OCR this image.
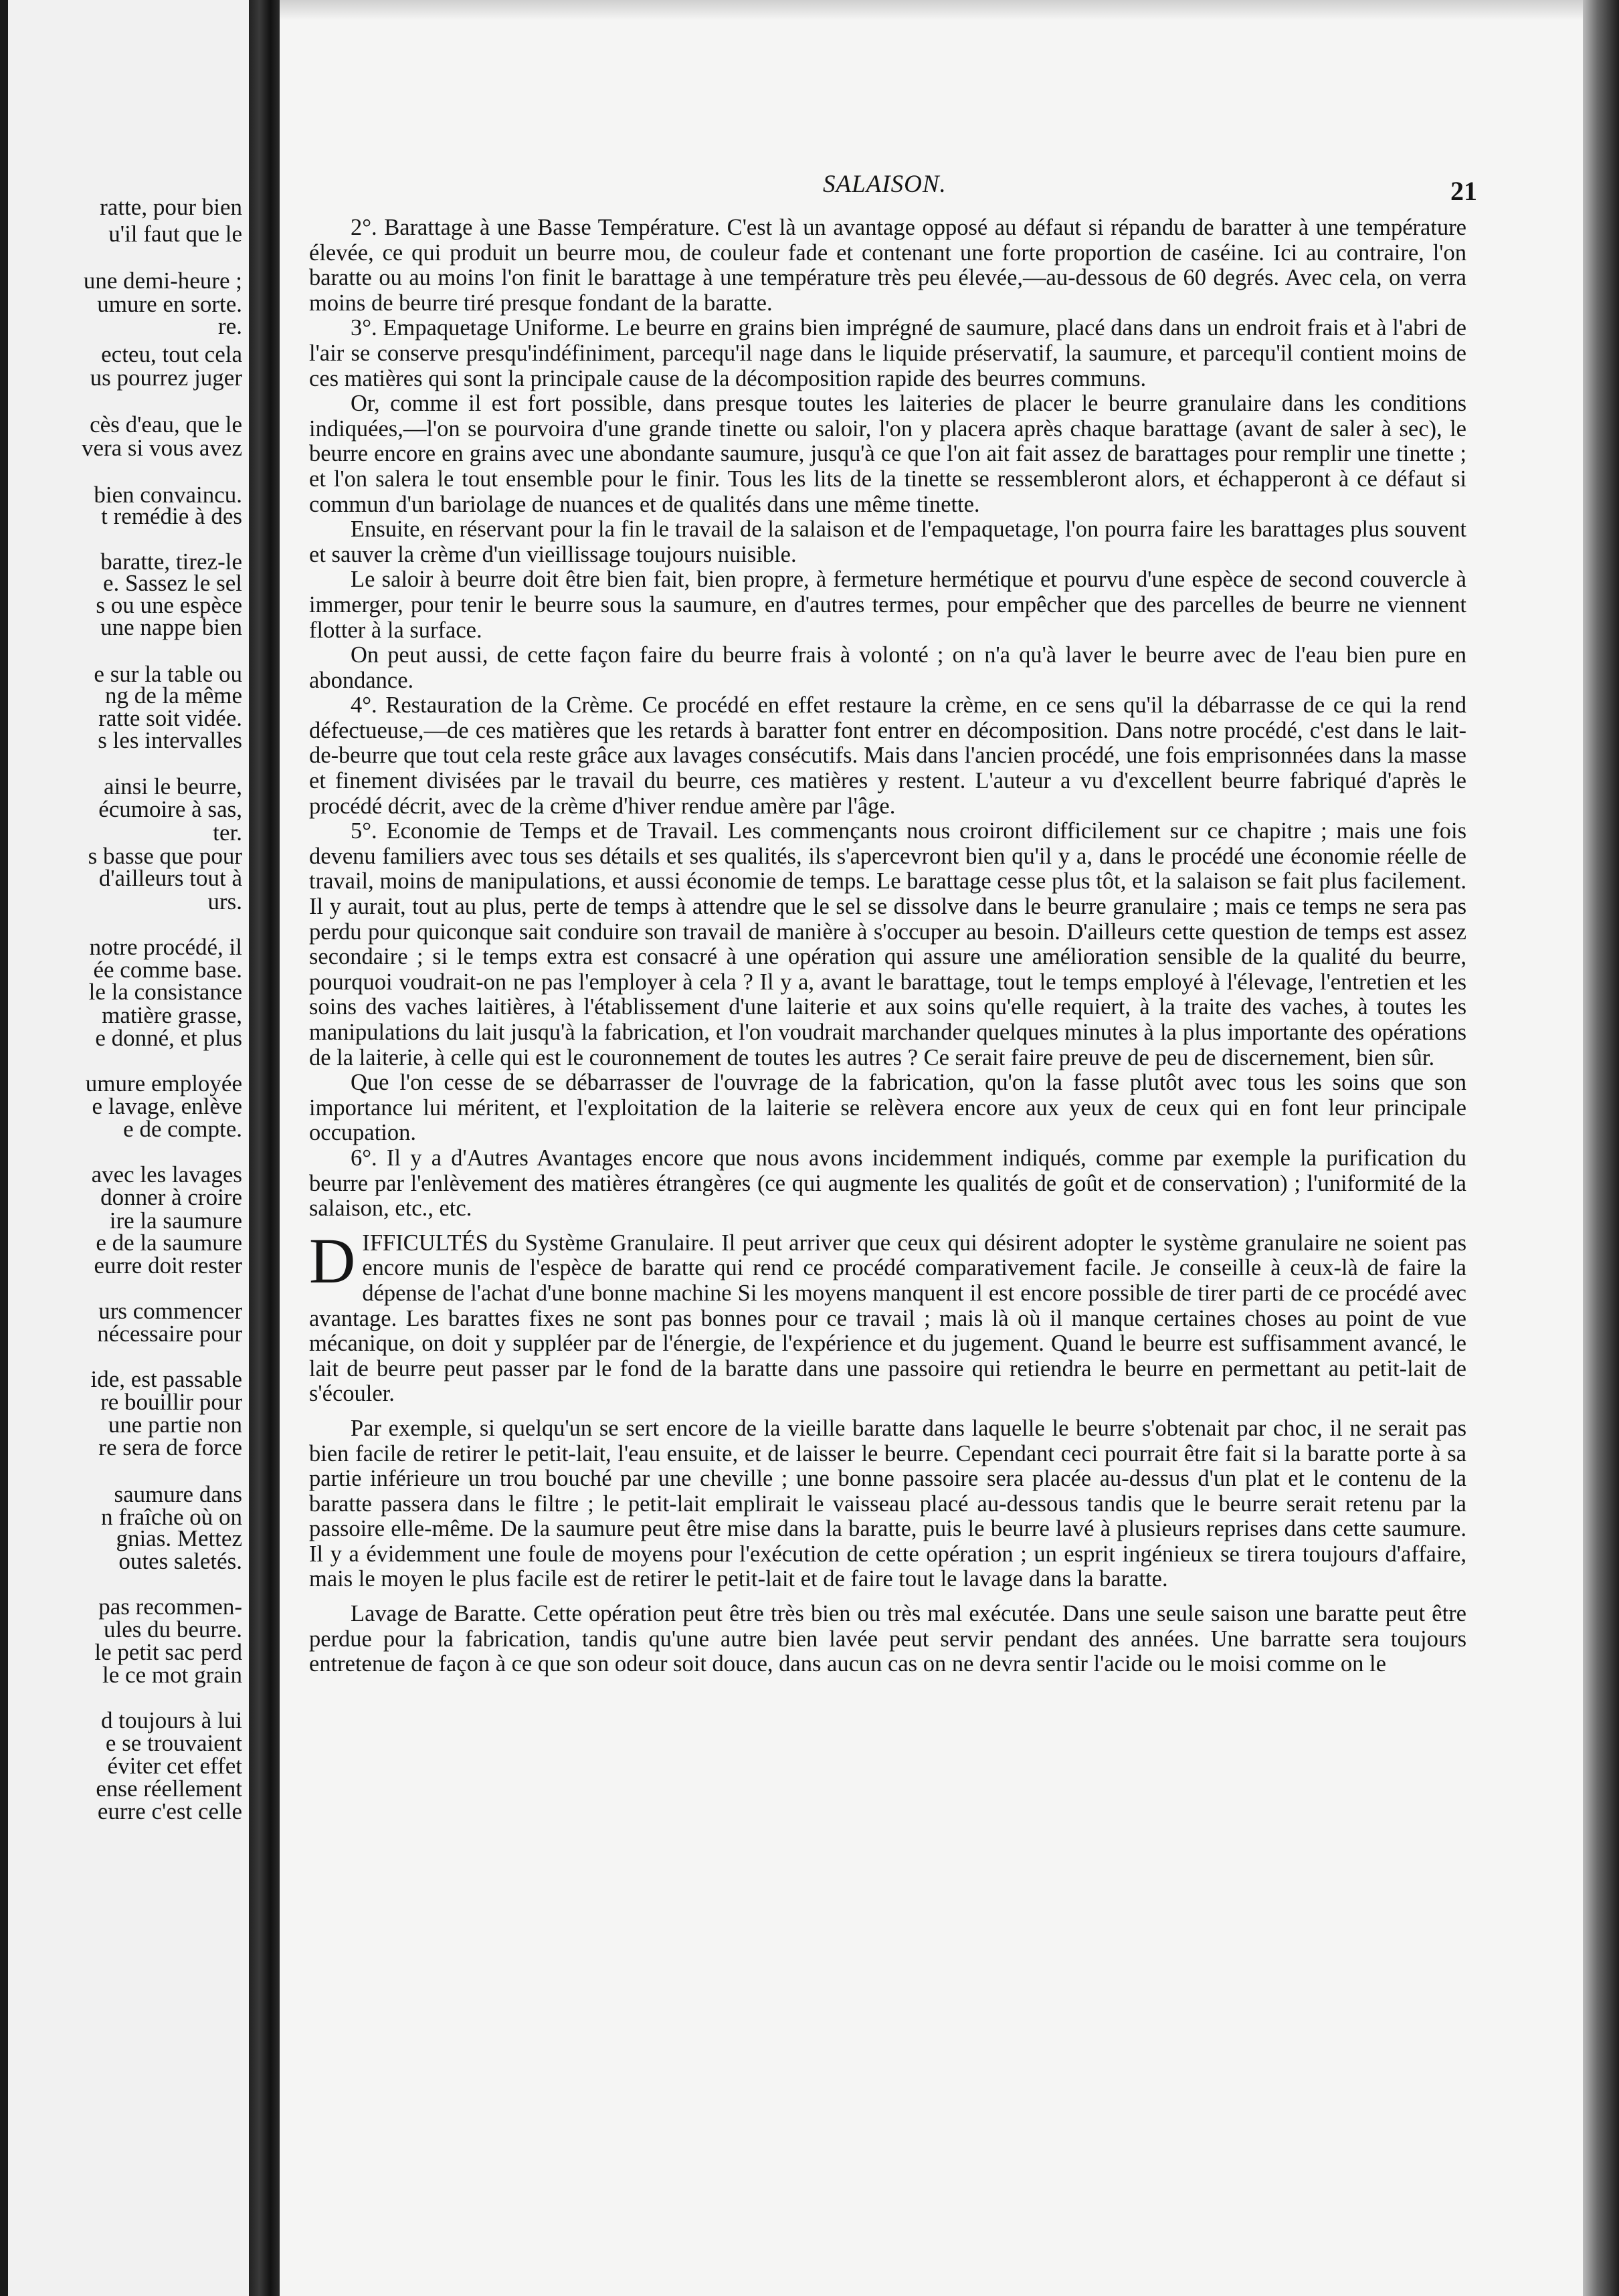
ratte, pour bien
u'il faut que le
une demi-heure ;
umure en sorte.
re.
ecteu, tout cela
us pourrez juger
cès d'eau, que le
vera si vous avez
bien convaincu.
t remédie à des
baratte, tirez-le
e. Sassez le sel
s ou une espèce
une nappe bien
e sur la table ou
ng de la même
ratte soit vidée.
s les intervalles
ainsi le beurre,
écumoire à sas,
ter.
s basse que pour
d'ailleurs tout à
urs.
notre procédé, il
ée comme base.
le la consistance
matière grasse,
e donné, et plus
umure employée
e lavage, enlève
e de compte.
avec les lavages
donner à croire
ire la saumure
e de la saumure
eurre doit rester
urs commencer
nécessaire pour
ide, est passable
re bouillir pour
une partie non
re sera de force
saumure dans
n fraîche où on
gnias. Mettez
outes saletés.
pas recommen-
ules du beurre.
le petit sac perd
le ce mot grain
d toujours à lui
e se trouvaient
éviter cet effet
ense réellement
eurre c'est celle
SALAISON.	21

2°. Barattage à une Basse Température. C'est là un avantage opposé au défaut si répandu de baratter à une température élevée, ce qui produit un beurre mou, de couleur fade et contenant une forte proportion de caséine. Ici au contraire, l'on baratte ou au moins l'on finit le barattage à une température très peu élevée,—au-dessous de 60 degrés. Avec cela, on verra moins de beurre tiré presque fondant de la baratte.

3°. Empaquetage Uniforme. Le beurre en grains bien imprégné de saumure, placé dans dans un endroit frais et à l'abri de l'air se conserve presqu'indéfiniment, parcequ'il nage dans le liquide préservatif, la saumure, et parcequ'il contient moins de ces matières qui sont la principale cause de la décomposition rapide des beurres communs.

Or, comme il est fort possible, dans presque toutes les laiteries de placer le beurre granulaire dans les conditions indiquées,—l'on se pourvoira d'une grande tinette ou saloir, l'on y placera après chaque barattage (avant de saler à sec), le beurre encore en grains avec une abondante saumure, jusqu'à ce que l'on ait fait assez de barattages pour remplir une tinette ; et l'on salera le tout ensemble pour le finir. Tous les lits de la tinette se ressembleront alors, et échapperont à ce défaut si commun d'un bariolage de nuances et de qualités dans une même tinette.

Ensuite, en réservant pour la fin le travail de la salaison et de l'empaquetage, l'on pourra faire les barattages plus souvent et sauver la crème d'un vieillissage toujours nuisible.

Le saloir à beurre doit être bien fait, bien propre, à fermeture hermétique et pourvu d'une espèce de second couvercle à immerger, pour tenir le beurre sous la saumure, en d'autres termes, pour empêcher que des parcelles de beurre ne viennent flotter à la surface.

On peut aussi, de cette façon faire du beurre frais à volonté ; on n'a qu'à laver le beurre avec de l'eau bien pure en abondance.

4°. Restauration de la Crème. Ce procédé en effet restaure la crème, en ce sens qu'il la débarrasse de ce qui la rend défectueuse,—de ces matières que les retards à baratter font entrer en décomposition. Dans notre procédé, c'est dans le lait-de-beurre que tout cela reste grâce aux lavages consécutifs. Mais dans l'ancien procédé, une fois emprisonnées dans la masse et finement divisées par le travail du beurre, ces matières y restent. L'auteur a vu d'excellent beurre fabriqué d'après le procédé décrit, avec de la crème d'hiver rendue amère par l'âge.

5°. Economie de Temps et de Travail. Les commençants nous croiront difficilement sur ce chapitre ; mais une fois devenu familiers avec tous ses détails et ses qualités, ils s'apercevront bien qu'il y a, dans le procédé une économie réelle de travail, moins de manipulations, et aussi économie de temps. Le barattage cesse plus tôt, et la salaison se fait plus facilement. Il y aurait, tout au plus, perte de temps à attendre que le sel se dissolve dans le beurre granulaire ; mais ce temps ne sera pas perdu pour quiconque sait conduire son travail de manière à s'occuper au besoin. D'ailleurs cette question de temps est assez secondaire ; si le temps extra est consacré à une opération qui assure une amélioration sensible de la qualité du beurre, pourquoi voudrait-on ne pas l'employer à cela ? Il y a, avant le barattage, tout le temps employé à l'élevage, l'entretien et les soins des vaches laitières, à l'établissement d'une laiterie et aux soins qu'elle requiert, à la traite des vaches, à toutes les manipulations du lait jusqu'à la fabrication, et l'on voudrait marchander quelques minutes à la plus importante des opérations de la laiterie, à celle qui est le couronnement de toutes les autres ? Ce serait faire preuve de peu de discernement, bien sûr.

Que l'on cesse de se débarrasser de l'ouvrage de la fabrication, qu'on la fasse plutôt avec tous les soins que son importance lui méritent, et l'exploitation de la laiterie se relèvera encore aux yeux de ceux qui en font leur principale occupation.

6°. Il y a d'Autres Avantages encore que nous avons incidemment indiqués, comme par exemple la purification du beurre par l'enlèvement des matières étrangères (ce qui augmente les qualités de goût et de conservation) ; l'uniformité de la salaison, etc., etc.

DIFFICULTÉS du Système Granulaire. Il peut arriver que ceux qui désirent adopter le système granulaire ne soient pas encore munis de l'espèce de baratte qui rend ce procédé comparativement facile. Je conseille à ceux-là de faire la dépense de l'achat d'une bonne machine Si les moyens manquent il est encore possible de tirer parti de ce procédé avec avantage. Les barattes fixes ne sont pas bonnes pour ce travail ; mais là où il manque certaines choses au point de vue mécanique, on doit y suppléer par de l'énergie, de l'expérience et du jugement. Quand le beurre est suffisamment avancé, le lait de beurre peut passer par le fond de la baratte dans une passoire qui retiendra le beurre en permettant au petit-lait de s'écouler.

Par exemple, si quelqu'un se sert encore de la vieille baratte dans laquelle le beurre s'obtenait par choc, il ne serait pas bien facile de retirer le petit-lait, l'eau ensuite, et de laisser le beurre. Cependant ceci pourrait être fait si la baratte porte à sa partie inférieure un trou bouché par une cheville ; une bonne passoire sera placée au-dessus d'un plat et le contenu de la baratte passera dans le filtre ; le petit-lait emplirait le vaisseau placé au-dessous tandis que le beurre serait retenu par la passoire elle-même. De la saumure peut être mise dans la baratte, puis le beurre lavé à plusieurs reprises dans cette saumure. Il y a évidemment une foule de moyens pour l'exécution de cette opération ; un esprit ingénieux se tirera toujours d'affaire, mais le moyen le plus facile est de retirer le petit-lait et de faire tout le lavage dans la baratte.

Lavage de Baratte. Cette opération peut être très bien ou très mal exécutée. Dans une seule saison une baratte peut être perdue pour la fabrication, tandis qu'une autre bien lavée peut servir pendant des années. Une barratte sera toujours entretenue de façon à ce que son odeur soit douce, dans aucun cas on ne devra sentir l'acide ou le moisi comme on le
